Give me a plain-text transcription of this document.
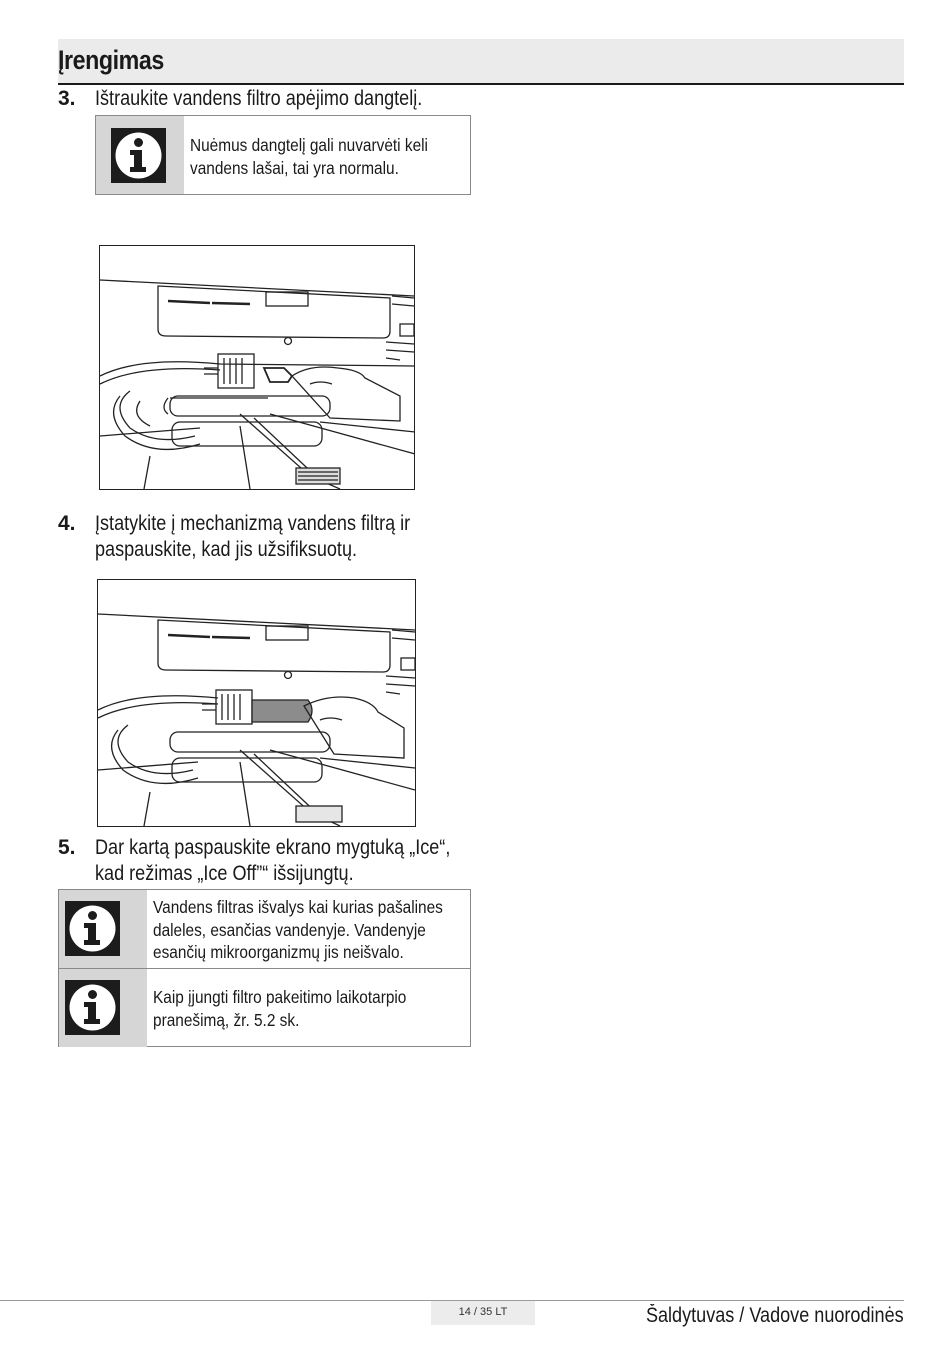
Įrengimas
3. Ištraukite vandens filtro apėjimo dangtelį.
Nuėmus dangtelį gali nuvarvėti keli
vandens lašai, tai yra normalu.
4. Įstatykite į mechanizmą vandens filtrą ir
paspauskite, kad jis užsifiksuotų.
5. Dar kartą paspauskite ekrano mygtuką „Ice“,
kad režimas „Ice Off”“ išsijungtų.
Vandens filtras išvalys kai kurias pašalines
daleles, esančias vandenyje. Vandenyje
esančių mikroorganizmų jis neišvalo.
Kaip įjungti filtro pakeitimo laikotarpio
pranešimą, žr. 5.2 sk.
14 / 35 LT	Šaldytuvas / Vadove nuorodinės
